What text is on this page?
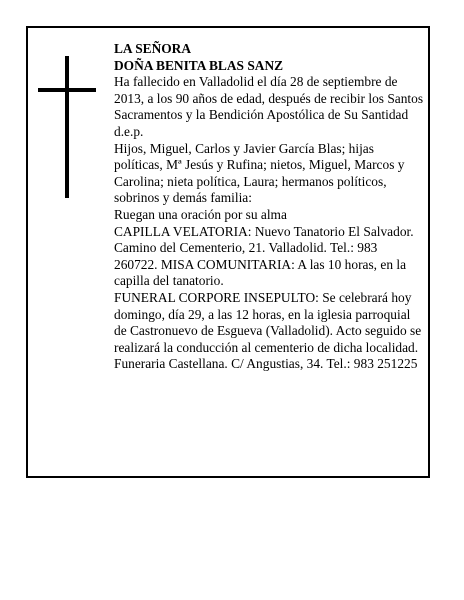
LA SEÑORA

DOÑA BENITA BLAS SANZ

Ha fallecido en Valladolid el día 28 de septiembre de 2013, a los 90 años de edad, después de recibir los Santos Sacramentos y la Bendición Apostólica de Su Santidad

d.e.p.

Hijos, Miguel, Carlos y Javier García Blas; hijas políticas, Mª Jesús y Rufina; nietos, Miguel, Marcos y Carolina; nieta política, Laura; hermanos políticos, sobrinos y demás familia:

Ruegan una oración por su alma

CAPILLA VELATORIA: Nuevo Tanatorio El Salvador. Camino del Cementerio, 21. Valladolid. Tel.: 983 260722. MISA COMUNITARIA: A las 10 horas, en la capilla del tanatorio.

FUNERAL CORPORE INSEPULTO: Se celebrará hoy domingo, día 29, a las 12 horas, en la iglesia parroquial de Castronuevo de Esgueva (Valladolid). Acto seguido se realizará la conducción al cementerio de dicha localidad.

Funeraria Castellana. C/ Angustias, 34. Tel.: 983 251225
